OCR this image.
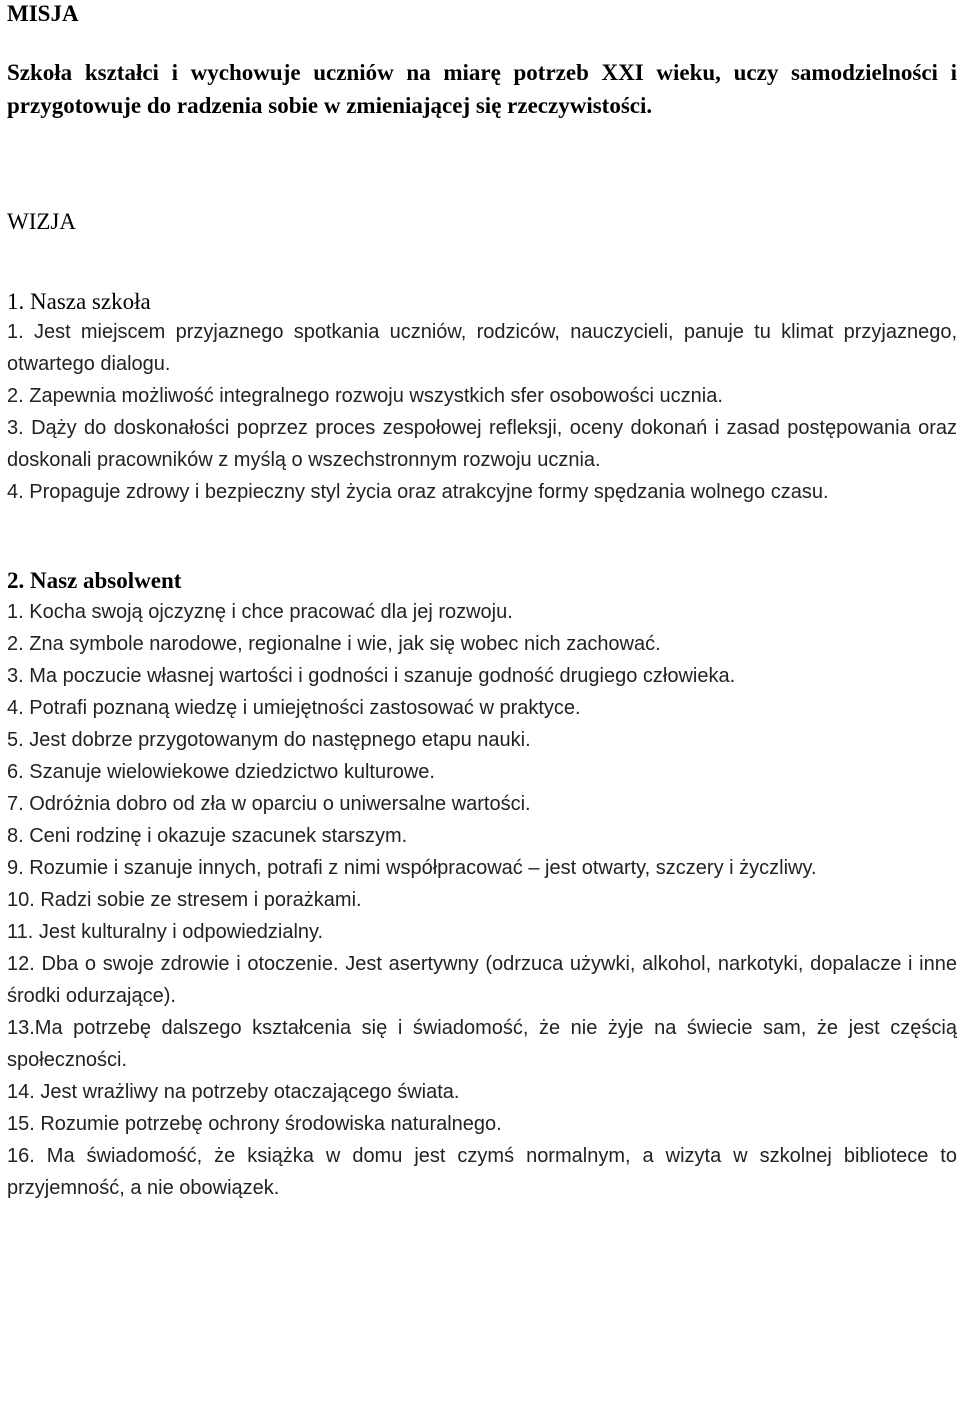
MISJA

Szkoła kształci i wychowuje uczniów na miarę potrzeb XXI wieku, uczy samodzielności i przygotowuje do radzenia sobie w zmieniającej się rzeczywistości.

WIZJA

1. Nasza szkoła

1. Jest miejscem przyjaznego spotkania uczniów, rodziców, nauczycieli, panuje tu klimat przyjaznego, otwartego dialogu.

2. Zapewnia możliwość integralnego rozwoju wszystkich sfer osobowości ucznia.

3. Dąży do doskonałości poprzez proces zespołowej refleksji, oceny dokonań i zasad postępowania oraz doskonali pracowników z myślą o wszechstronnym rozwoju ucznia.

4. Propaguje zdrowy i bezpieczny styl życia oraz atrakcyjne formy spędzania wolnego czasu.

2. Nasz absolwent

1. Kocha swoją ojczyznę i chce pracować dla jej rozwoju.

2. Zna symbole narodowe, regionalne i wie, jak się wobec nich zachować.

3. Ma poczucie własnej wartości i godności i szanuje godność drugiego człowieka.

4. Potrafi poznaną wiedzę i umiejętności zastosować w praktyce.

5. Jest dobrze przygotowanym do następnego etapu nauki.

6. Szanuje wielowiekowe dziedzictwo kulturowe.

7. Odróżnia dobro od zła w oparciu o uniwersalne wartości.

8. Ceni rodzinę i okazuje szacunek starszym.

9. Rozumie i szanuje innych, potrafi z nimi współpracować – jest otwarty, szczery i życzliwy.

10. Radzi sobie ze stresem i porażkami.

11. Jest kulturalny i odpowiedzialny.

12. Dba o swoje zdrowie i otoczenie. Jest asertywny (odrzuca używki, alkohol, narkotyki, dopalacze i inne środki odurzające).

13.Ma potrzebę dalszego kształcenia się i świadomość, że nie żyje na świecie sam, że jest częścią społeczności.

14. Jest wrażliwy na potrzeby otaczającego świata.

15. Rozumie potrzebę ochrony środowiska naturalnego.

16. Ma świadomość, że książka w domu jest czymś normalnym, a wizyta w szkolnej bibliotece to przyjemność, a nie obowiązek.
